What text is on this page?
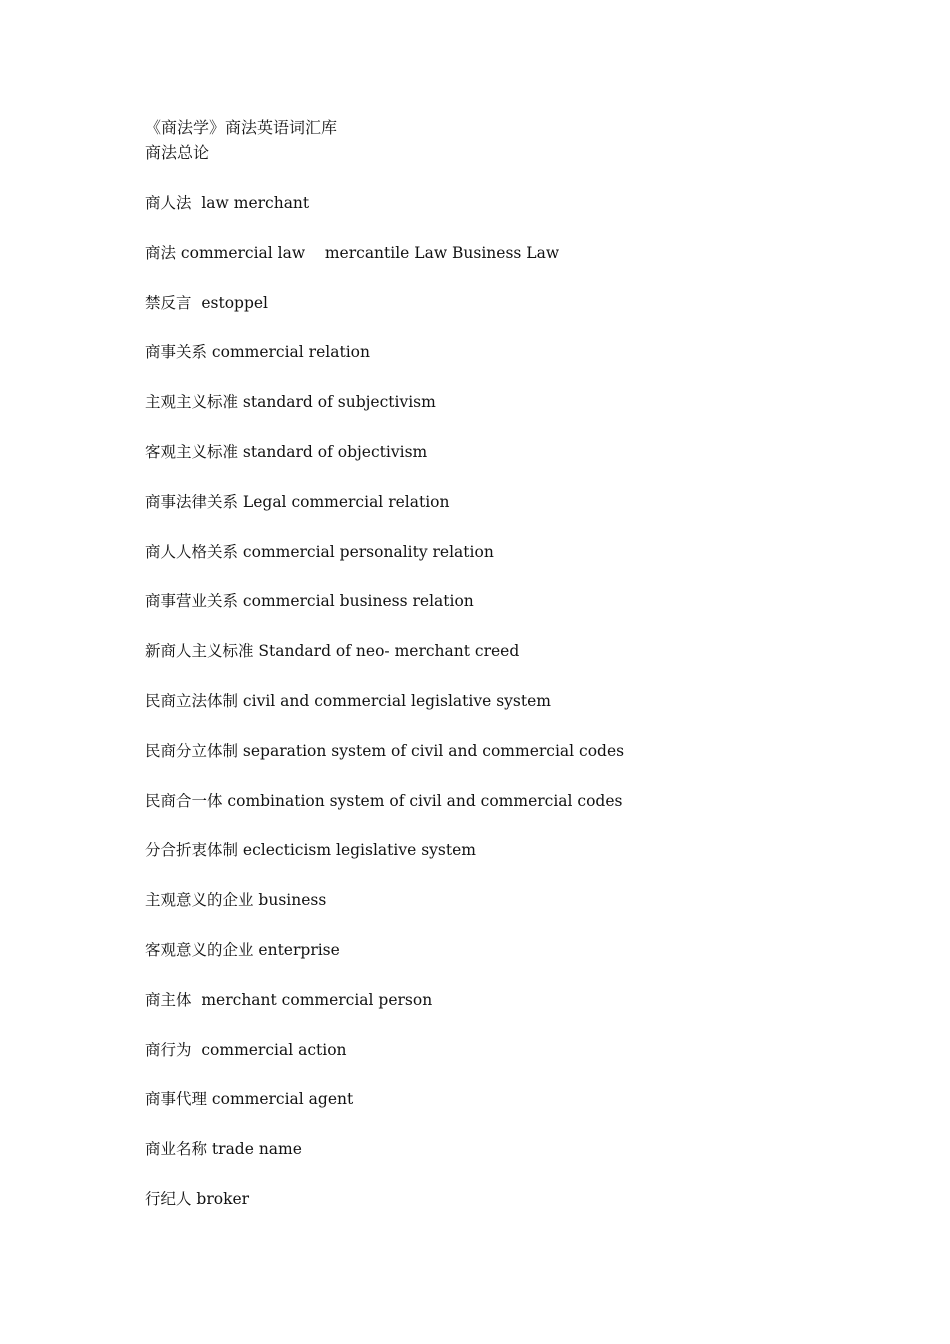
《商法学》商法英语词汇库
商法总论
商人法  law merchant
商法 commercial law    mercantile Law Business Law
禁反言  estoppel
商事关系 commercial relation
主观主义标准 standard of subjectivism
客观主义标准 standard of objectivism
商事法律关系 Legal commercial relation
商人人格关系 commercial personality relation
商事营业关系 commercial business relation
新商人主义标准 Standard of neo- merchant creed
民商立法体制 civil and commercial legislative system
民商分立体制 separation system of civil and commercial codes
民商合一体 combination system of civil and commercial codes
分合折衷体制 eclecticism legislative system
主观意义的企业 business
客观意义的企业 enterprise
商主体  merchant commercial person
商行为  commercial action
商事代理 commercial agent
商业名称 trade name
行纪人 broker
